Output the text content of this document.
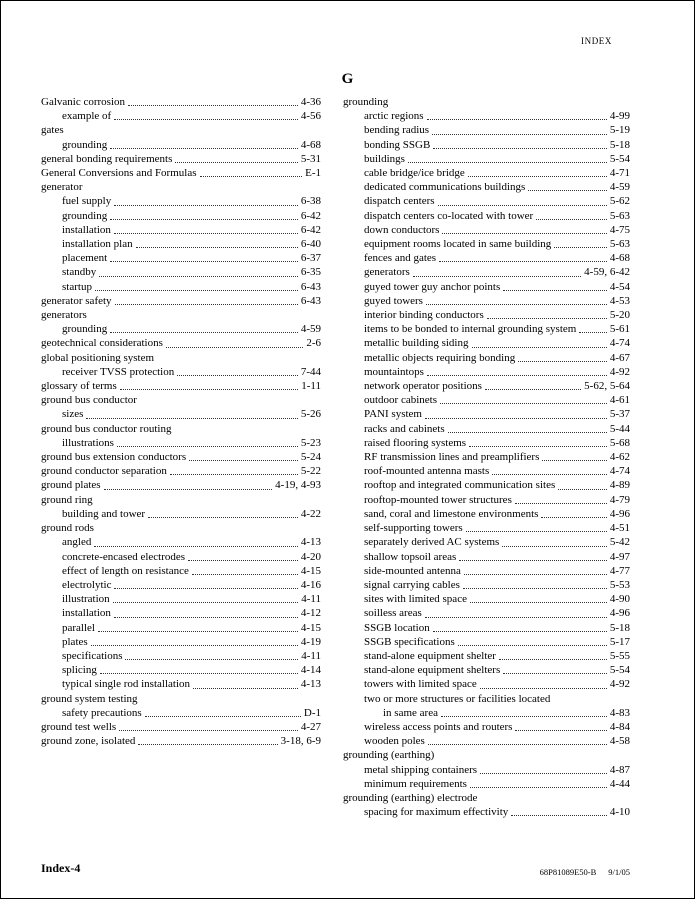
INDEX
G
Galvanic corrosion	4-36
example of	4-56
gates
grounding	4-68
general bonding requirements	5-31
General Conversions and Formulas	E-1
generator
fuel supply	6-38
grounding	6-42
installation	6-42
installation plan	6-40
placement	6-37
standby	6-35
startup	6-43
generator safety	6-43
generators
grounding	4-59
geotechnical considerations	2-6
global positioning system
receiver TVSS protection	7-44
glossary of terms	1-11
ground bus conductor
sizes	5-26
ground bus conductor routing
illustrations	5-23
ground bus extension conductors	5-24
ground conductor separation	5-22
ground plates	4-19, 4-93
ground ring
building and tower	4-22
ground rods
angled	4-13
concrete-encased electrodes	4-20
effect of length on resistance	4-15
electrolytic	4-16
illustration	4-11
installation	4-12
parallel	4-15
plates	4-19
specifications	4-11
splicing	4-14
typical single rod installation	4-13
ground system testing
safety precautions	D-1
ground test wells	4-27
ground zone, isolated	3-18, 6-9
grounding
arctic regions	4-99
bending radius	5-19
bonding SSGB	5-18
buildings	5-54
cable bridge/ice bridge	4-71
dedicated communications buildings	4-59
dispatch centers	5-62
dispatch centers co-located with tower	5-63
down conductors	4-75
equipment rooms located in same building	5-63
fences and gates	4-68
generators	4-59, 6-42
guyed tower guy anchor points	4-54
guyed towers	4-53
interior binding conductors	5-20
items to be bonded to internal grounding system	5-61
metallic building siding	4-74
metallic objects requiring bonding	4-67
mountaintops	4-92
network operator positions	5-62, 5-64
outdoor cabinets	4-61
PANI system	5-37
racks and cabinets	5-44
raised flooring systems	5-68
RF transmission lines and preamplifiers	4-62
roof-mounted antenna masts	4-74
rooftop and integrated communication sites	4-89
rooftop-mounted tower structures	4-79
sand, coral and limestone environments	4-96
self-supporting towers	4-51
separately derived AC systems	5-42
shallow topsoil areas	4-97
side-mounted antenna	4-77
signal carrying cables	5-53
sites with limited space	4-90
soilless areas	4-96
SSGB location	5-18
SSGB specifications	5-17
stand-alone equipment shelter	5-55
stand-alone equipment shelters	5-54
towers with limited space	4-92
two or more structures or facilities located
in same area	4-83
wireless access points and routers	4-84
wooden poles	4-58
grounding (earthing)
metal shipping containers	4-87
minimum requirements	4-44
grounding (earthing) electrode
spacing for maximum effectivity	4-10
Index-4	68P81089E50-B 9/1/05
